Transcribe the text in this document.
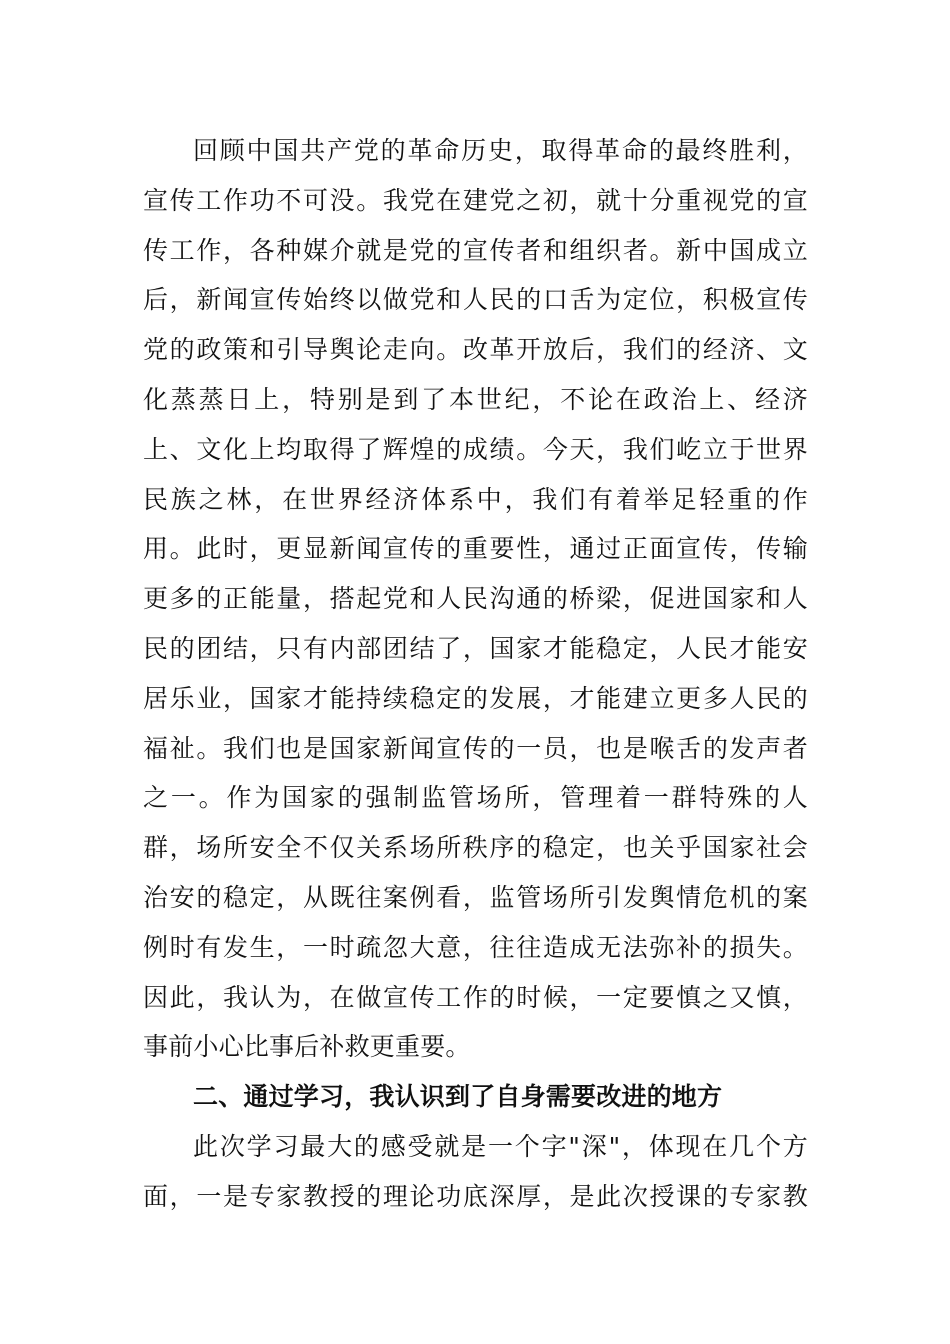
回顾中国共产党的革命历史，取得革命的最终胜利，
宣传工作功不可没。我党在建党之初，就十分重视党的宣
传工作，各种媒介就是党的宣传者和组织者。新中国成立
后，新闻宣传始终以做党和人民的口舌为定位，积极宣传
党的政策和引导舆论走向。改革开放后，我们的经济、文
化蒸蒸日上，特别是到了本世纪，不论在政治上、经济
上、文化上均取得了辉煌的成绩。今天，我们屹立于世界
民族之林，在世界经济体系中，我们有着举足轻重的作
用。此时，更显新闻宣传的重要性，通过正面宣传，传输
更多的正能量，搭起党和人民沟通的桥梁，促进国家和人
民的团结，只有内部团结了，国家才能稳定，人民才能安
居乐业，国家才能持续稳定的发展，才能建立更多人民的
福祉。我们也是国家新闻宣传的一员，也是喉舌的发声者
之一。作为国家的强制监管场所，管理着一群特殊的人
群，场所安全不仅关系场所秩序的稳定，也关乎国家社会
治安的稳定，从既往案例看，监管场所引发舆情危机的案
例时有发生，一时疏忽大意，往往造成无法弥补的损失。
因此，我认为，在做宣传工作的时候，一定要慎之又慎，
事前小心比事后补救更重要。
二、通过学习，我认识到了自身需要改进的地方
此次学习最大的感受就是一个字"深"，体现在几个方
面，一是专家教授的理论功底深厚，是此次授课的专家教
